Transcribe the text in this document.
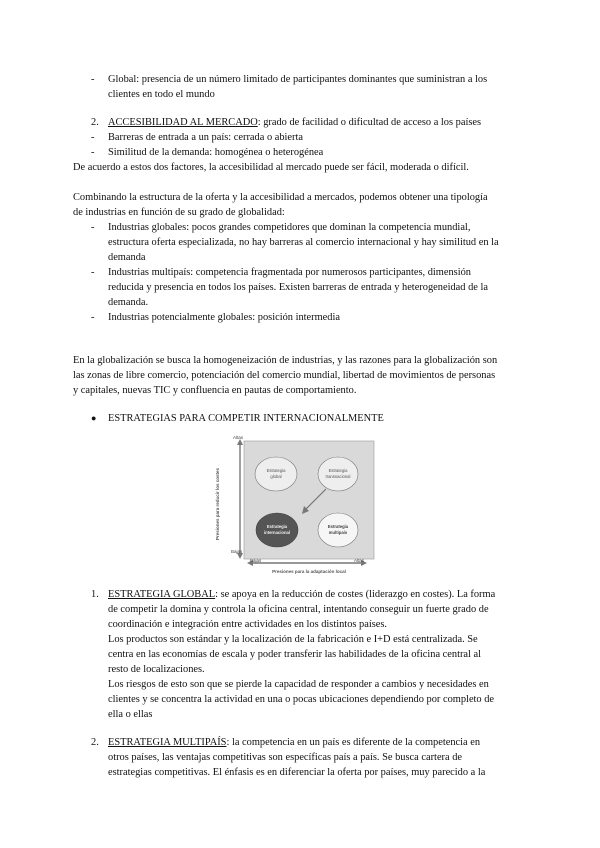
- Global: presencia de un número limitado de participantes dominantes que suministran a los
clientes en todo el mundo
2. ACCESIBILIDAD AL MERCADO: grado de facilidad o dificultad de acceso a los países
- Barreras de entrada a un país: cerrada o abierta
- Similitud de la demanda: homogénea o heterogénea
De acuerdo a estos dos factores, la accesibilidad al mercado puede ser fácil, moderada o difícil.
Combinando la estructura de la oferta y la accesibilidad a mercados, podemos obtener una tipología
de industrias en función de su grado de globalidad:
- Industrias globales: pocos grandes competidores que dominan la competencia mundial,
estructura oferta especializada, no hay barreras al comercio internacional y hay similitud en la
demanda
- Industrias multipaís: competencia fragmentada por numerosos participantes, dimensión
reducida y presencia en todos los países. Existen barreras de entrada y heterogeneidad de la
demanda.
- Industrias potencialmente globales: posición intermedia
En la globalización se busca la homogeneización de industrias, y las razones para la globalización son
las zonas de libre comercio, potenciación del comercio mundial, libertad de movimientos de personas
y capitales, nuevas TIC y confluencia en pautas de comportamiento.
● ESTRATEGIAS PARA COMPETIR INTERNACIONALMENTE
Altas
Bajas
Bajas	Altas
Presiones para reducir los costes
Presiones para la adaptación local
Estrategia
global
Estrategia
transnacional
Estrategia
internacional
Estrategia
multipaís
1. ESTRATEGIA GLOBAL: se apoya en la reducción de costes (liderazgo en costes). La forma
de competir la domina y controla la oficina central, intentando conseguir un fuerte grado de
coordinación e integración entre actividades en los distintos países.
Los productos son estándar y la localización de la fabricación e I+D está centralizada. Se
centra en las economías de escala y poder transferir las habilidades de la oficina central al
resto de localizaciones.
Los riesgos de esto son que se pierde la capacidad de responder a cambios y necesidades en
clientes y se concentra la actividad en una o pocas ubicaciones dependiendo por completo de
ella o ellas
2. ESTRATEGIA MULTIPAÍS: la competencia en un país es diferente de la competencia en
otros países, las ventajas competitivas son específicas país a país. Se busca cartera de
estrategias competitivas. El énfasis es en diferenciar la oferta por países, muy parecido a la
